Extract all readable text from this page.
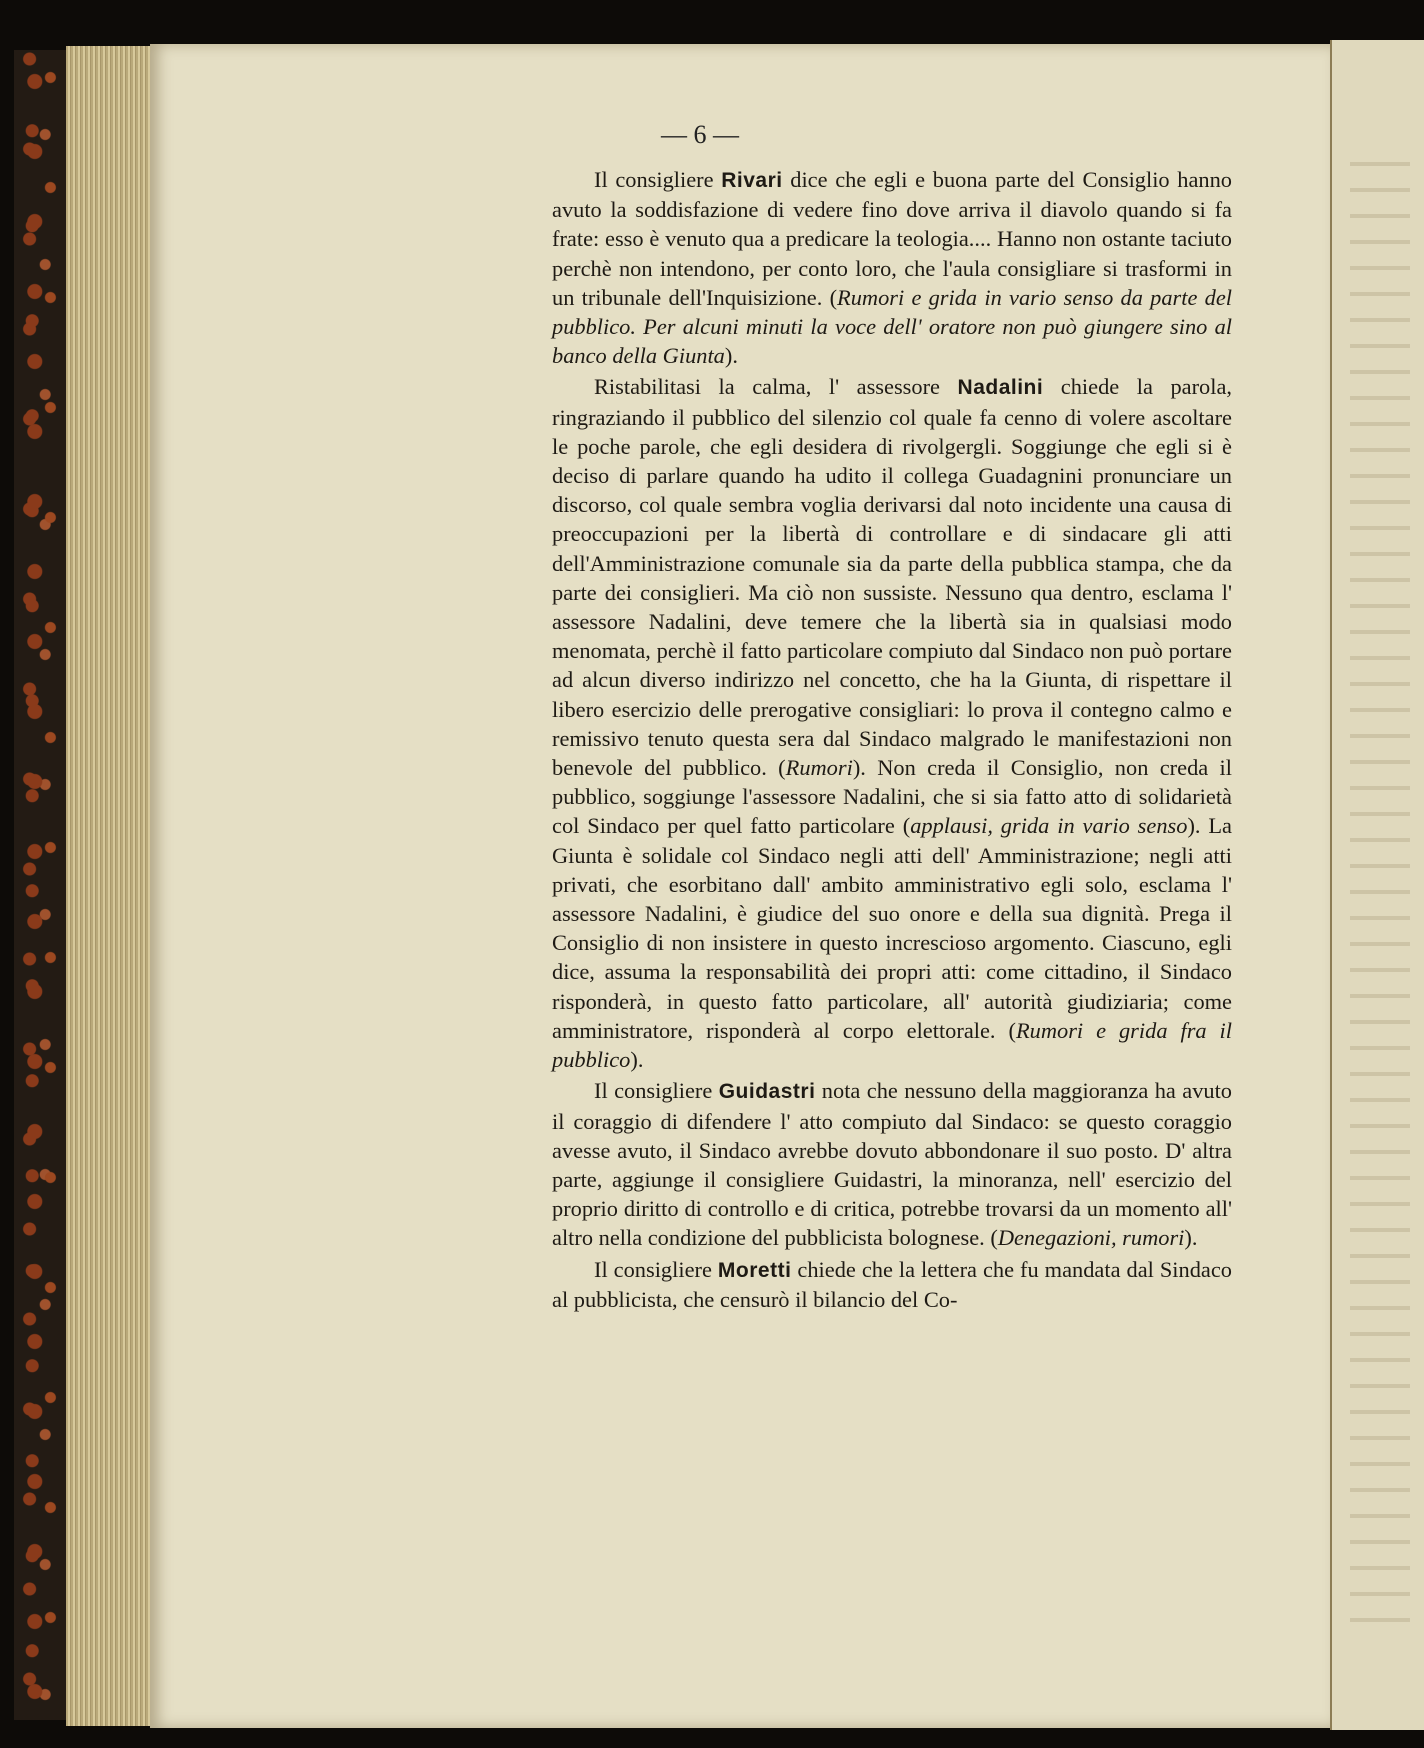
— 6 —

Il consigliere Rivari dice che egli e buona parte del Consiglio hanno avuto la soddisfazione di vedere fino dove arriva il diavolo quando si fa frate: esso è venuto qua a predicare la teologia.... Hanno non ostante taciuto perchè non intendono, per conto loro, che l'aula consigliare si trasformi in un tribunale dell'Inquisizione. (Rumori e grida in vario senso da parte del pubblico. Per alcuni minuti la voce dell' oratore non può giungere sino al banco della Giunta).

Ristabilitasi la calma, l' assessore Nadalini chiede la parola, ringraziando il pubblico del silenzio col quale fa cenno di volere ascoltare le poche parole, che egli desidera di rivolgergli. Soggiunge che egli si è deciso di parlare quando ha udito il collega Guadagnini pronunciare un discorso, col quale sembra voglia derivarsi dal noto incidente una causa di preoccupazioni per la libertà di controllare e di sindacare gli atti dell'Amministrazione comunale sia da parte della pubblica stampa, che da parte dei consiglieri. Ma ciò non sussiste. Nessuno qua dentro, esclama l' assessore Nadalini, deve temere che la libertà sia in qualsiasi modo menomata, perchè il fatto particolare compiuto dal Sindaco non può portare ad alcun diverso indirizzo nel concetto, che ha la Giunta, di rispettare il libero esercizio delle prerogative consigliari: lo prova il contegno calmo e remissivo tenuto questa sera dal Sindaco malgrado le manifestazioni non benevole del pubblico. (Rumori). Non creda il Consiglio, non creda il pubblico, soggiunge l'assessore Nadalini, che si sia fatto atto di solidarietà col Sindaco per quel fatto particolare (applausi, grida in vario senso). La Giunta è solidale col Sindaco negli atti dell' Amministrazione; negli atti privati, che esorbitano dall' ambito amministrativo egli solo, esclama l' assessore Nadalini, è giudice del suo onore e della sua dignità. Prega il Consiglio di non insistere in questo increscioso argomento. Ciascuno, egli dice, assuma la responsabilità dei propri atti: come cittadino, il Sindaco risponderà, in questo fatto particolare, all' autorità giudiziaria; come amministratore, risponderà al corpo elettorale. (Rumori e grida fra il pubblico).

Il consigliere Guidastri nota che nessuno della maggioranza ha avuto il coraggio di difendere l' atto compiuto dal Sindaco: se questo coraggio avesse avuto, il Sindaco avrebbe dovuto abbondonare il suo posto. D' altra parte, aggiunge il consigliere Guidastri, la minoranza, nell' esercizio del proprio diritto di controllo e di critica, potrebbe trovarsi da un momento all' altro nella condizione del pubblicista bolognese. (Denegazioni, rumori).

Il consigliere Moretti chiede che la lettera che fu mandata dal Sindaco al pubblicista, che censurò il bilancio del Co-
